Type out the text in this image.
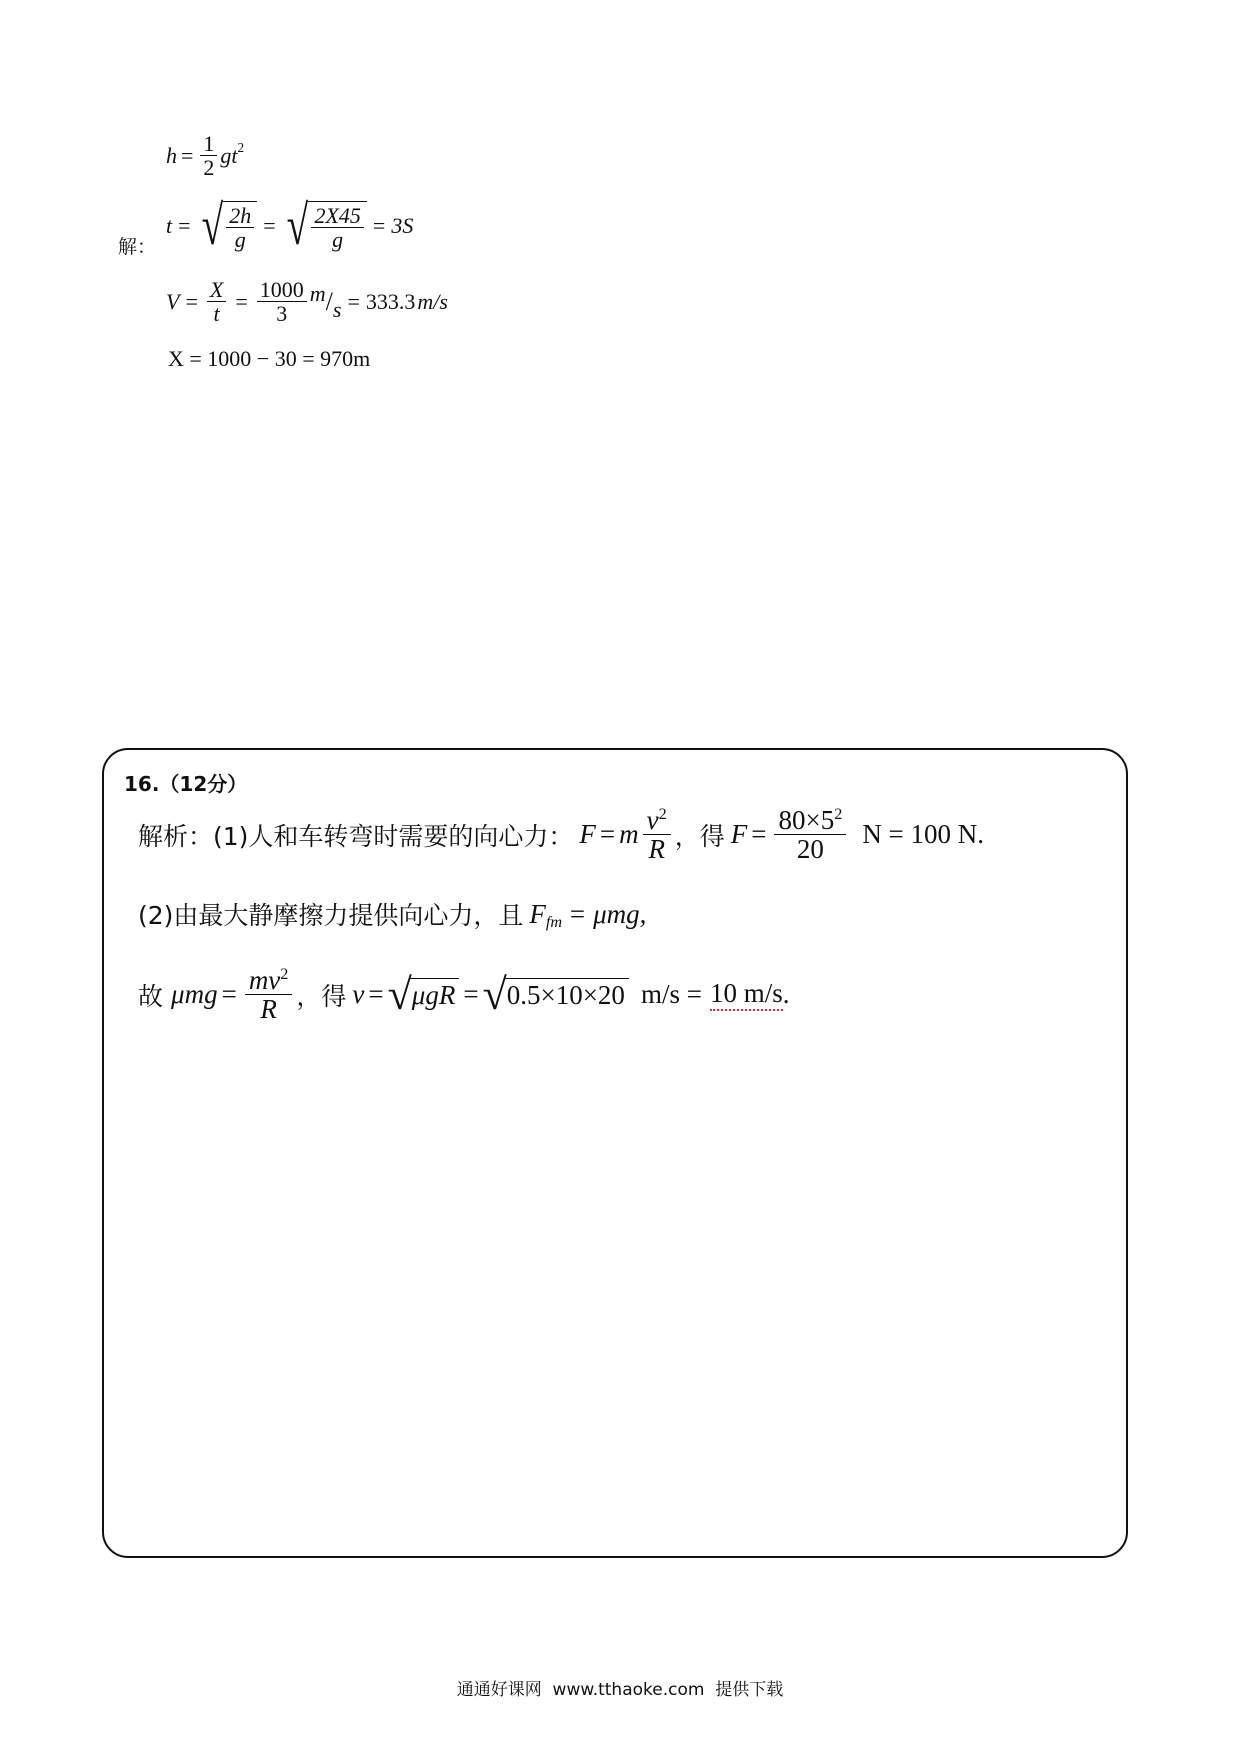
解：
$h = \frac{1}{2} gt^2$
t = √ $\frac{2h}{g}$ = √ $\frac{2X45}{g} = 3S$
$V = \frac{X}{t} = \frac{1000}{3}$ m / s = 333.3 m/s
X = 1000 − 30 = 970m
16.（12分）
解析：(1)人和车转弯时需要的向心力： F = m $\frac{v^2}{R}$ ，得 $F = \frac{80\times 5^2}{20}$ N = 100 N.
(2)由最大静摩擦力提供向心力，且 $F_{fm} = \mu mg$,
故 $\mu mg = \frac{mv^2}{R}$ ，得 v = √ μgR = √ 0.5×10×20 m/s = 10 m/s .
通通好课网  www.tthaoke.com  提供下载
